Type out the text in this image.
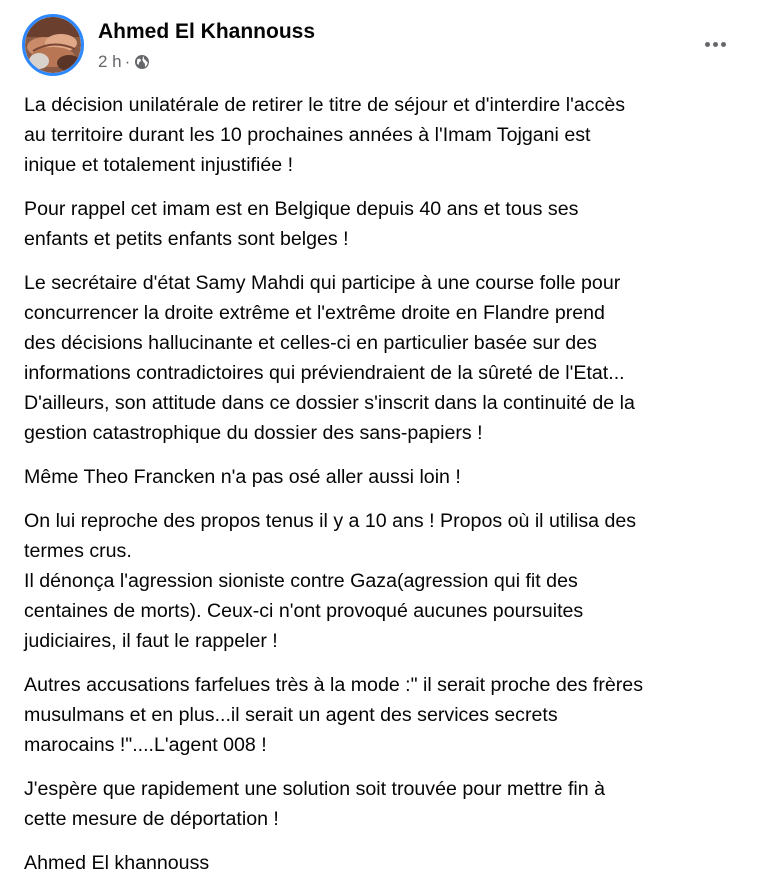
Ahmed El Khannouss
2 h ·

La décision unilatérale de retirer le titre de séjour et d'interdire l'accès
au territoire durant les 10 prochaines années à l'Imam Tojgani est
inique et totalement injustifiée !

Pour rappel cet imam est en Belgique depuis 40 ans et tous ses
enfants et petits enfants sont belges !

Le secrétaire d'état Samy Mahdi qui participe à une course folle pour
concurrencer la droite extrême et l'extrême droite en Flandre prend
des décisions hallucinante et celles-ci en particulier basée sur des
informations contradictoires qui préviendraient de la sûreté de l'Etat...
D'ailleurs, son attitude dans ce dossier s'inscrit dans la continuité de la
gestion catastrophique du dossier des sans-papiers !

Même Theo Francken n'a pas osé aller aussi loin !

On lui reproche des propos tenus il y a 10 ans ! Propos où il utilisa des
termes crus.
Il dénonça l'agression sioniste contre Gaza(agression qui fit des
centaines de morts). Ceux-ci n'ont provoqué aucunes poursuites
judiciaires, il faut le rappeler !

Autres accusations farfelues très à la mode :" il serait proche des frères
musulmans et en plus...il serait un agent des services secrets
marocains !"....L'agent 008 !

J'espère que rapidement une solution soit trouvée pour mettre fin à
cette mesure de déportation !

Ahmed El khannouss
